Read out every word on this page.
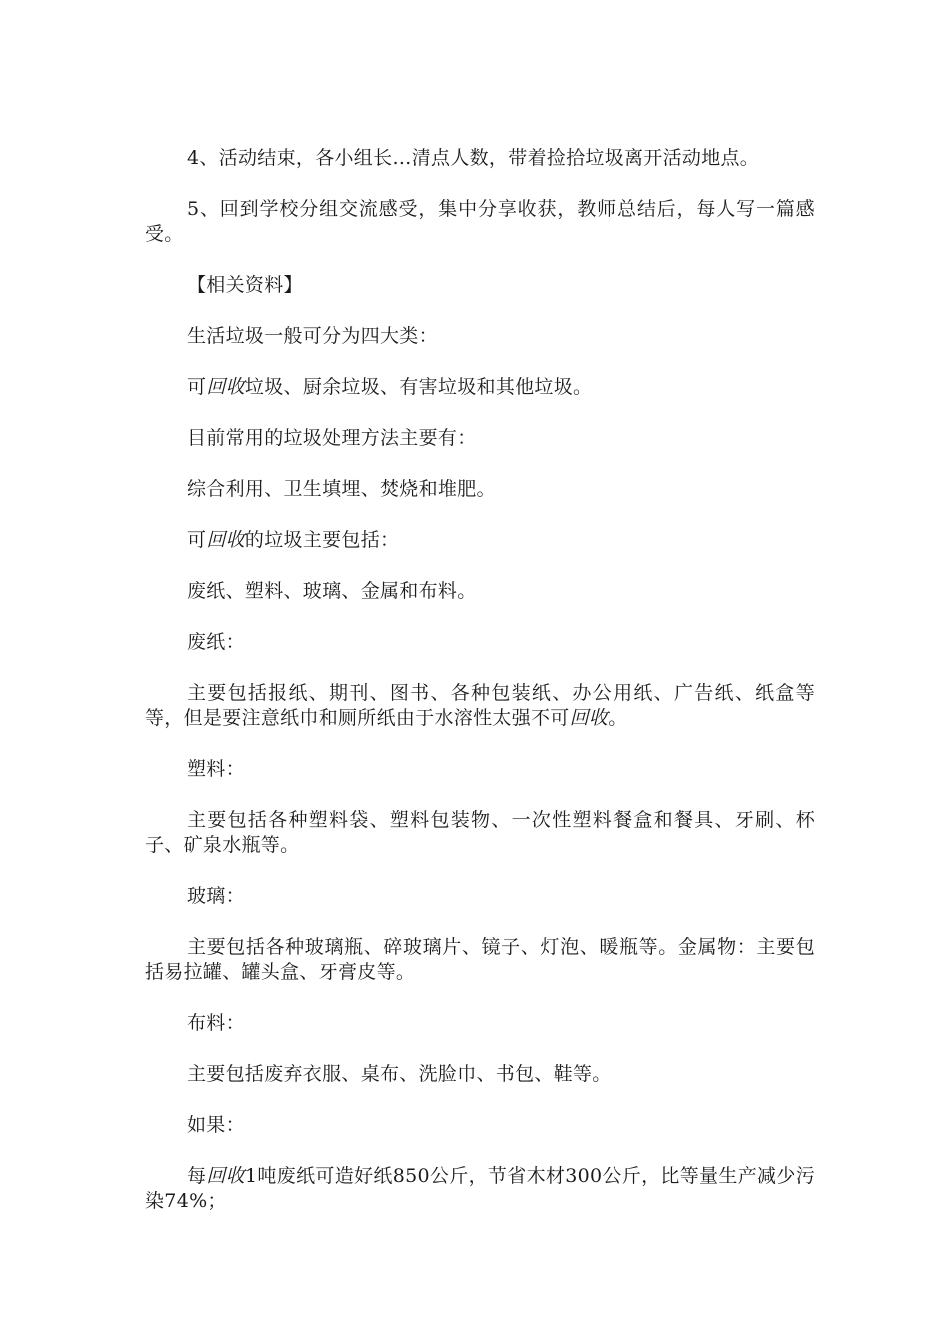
4、活动结束，各小组长…清点人数，带着捡拾垃圾离开活动地点。

5、回到学校分组交流感受，集中分享收获，教师总结后，每人写一篇感受。

【相关资料】

生活垃圾一般可分为四大类：

可回收垃圾、厨余垃圾、有害垃圾和其他垃圾。

目前常用的垃圾处理方法主要有：

综合利用、卫生填埋、焚烧和堆肥。

可回收的垃圾主要包括：

废纸、塑料、玻璃、金属和布料。

废纸：

主要包括报纸、期刊、图书、各种包装纸、办公用纸、广告纸、纸盒等等，但是要注意纸巾和厕所纸由于水溶性太强不可回收。

塑料：

主要包括各种塑料袋、塑料包装物、一次性塑料餐盒和餐具、牙刷、杯子、矿泉水瓶等。

玻璃：

主要包括各种玻璃瓶、碎玻璃片、镜子、灯泡、暖瓶等。金属物：主要包括易拉罐、罐头盒、牙膏皮等。

布料：

主要包括废弃衣服、桌布、洗脸巾、书包、鞋等。

如果：

每回收1吨废纸可造好纸850公斤，节省木材300公斤，比等量生产减少污染74%；
